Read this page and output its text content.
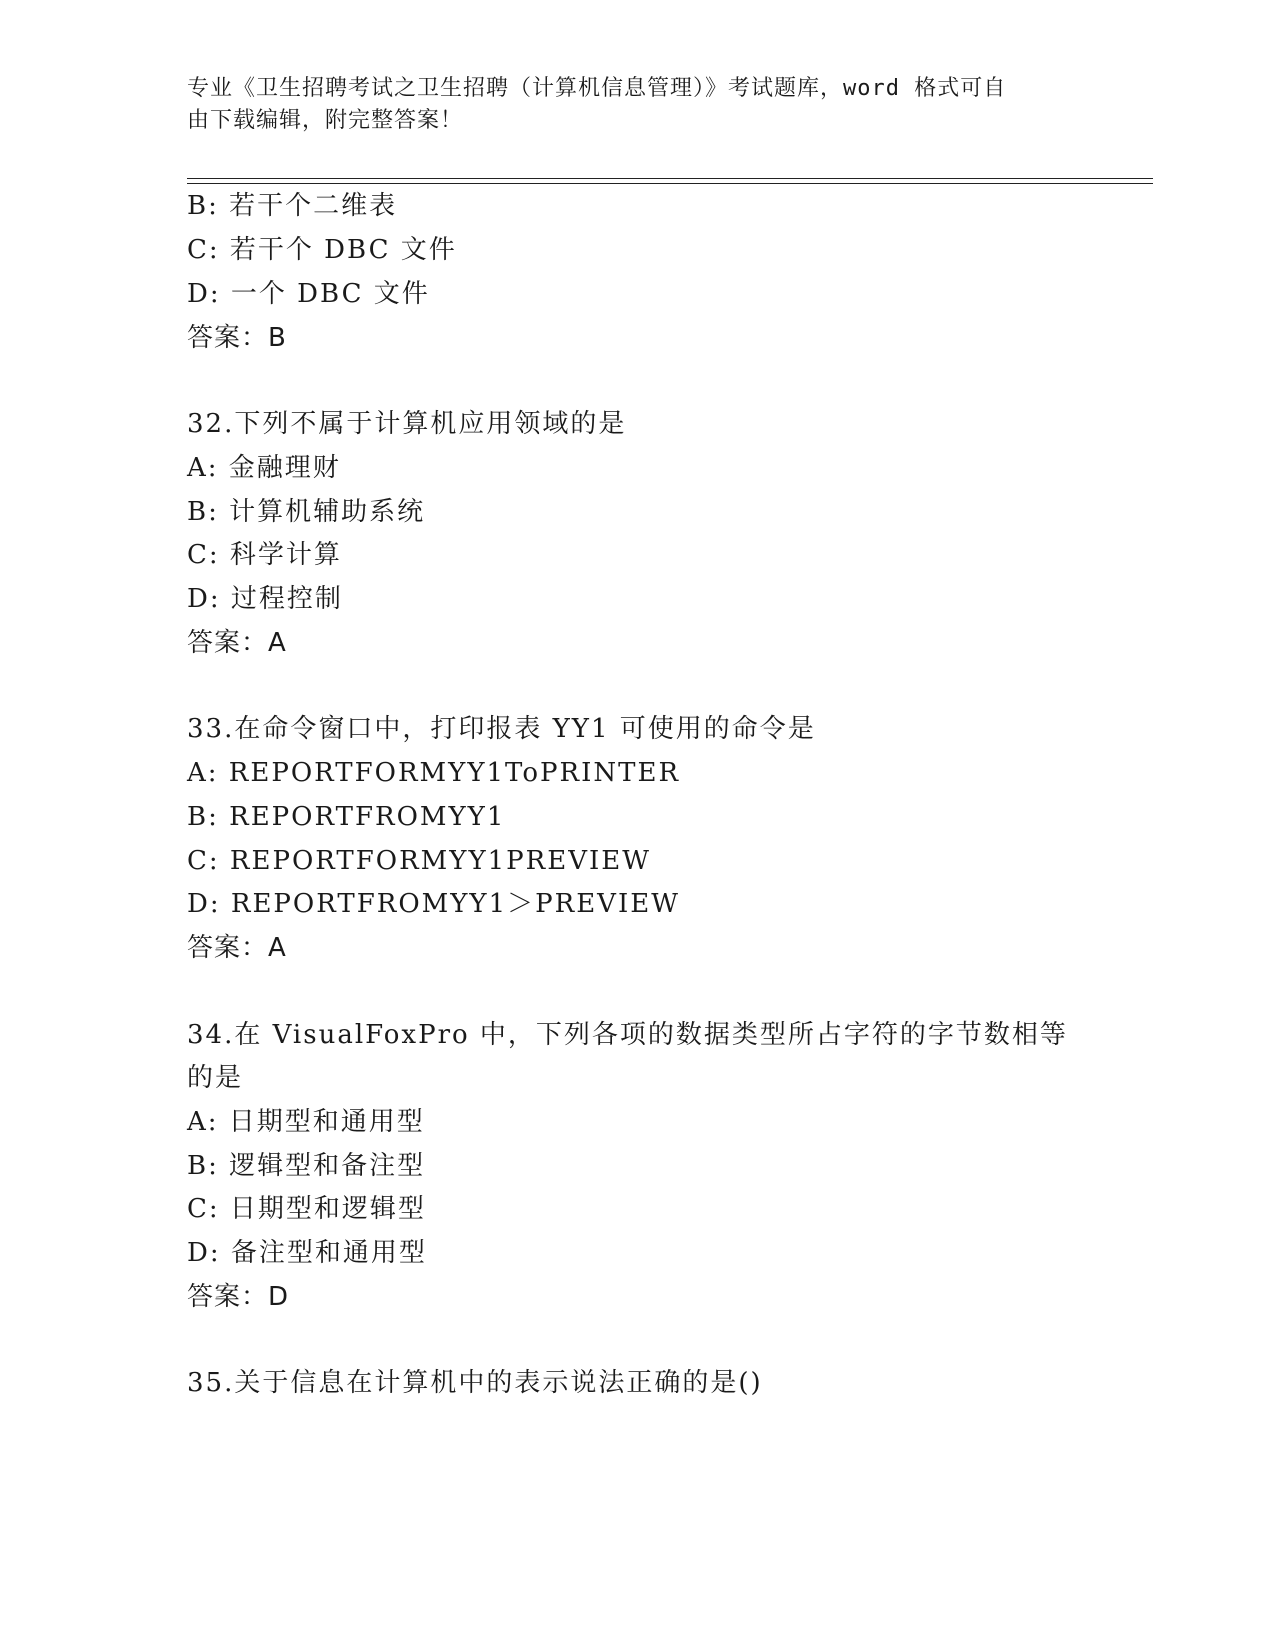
专业《卫生招聘考试之卫生招聘（计算机信息管理）》考试题库，word 格式可自
由下载编辑，附完整答案！
B: 若干个二维表
C: 若干个 DBC 文件
D: 一个 DBC 文件
答案：B
32.下列不属于计算机应用领域的是
A: 金融理财
B: 计算机辅助系统
C: 科学计算
D: 过程控制
答案：A
33.在命令窗口中，打印报表 YY1 可使用的命令是
A: REPORTFORMYY1ToPRINTER
B: REPORTFROMYY1
C: REPORTFORMYY1PREVIEW
D: REPORTFROMYY1＞PREVIEW
答案：A
34.在 VisualFoxPro 中，下列各项的数据类型所占字符的字节数相等
的是
A: 日期型和通用型
B: 逻辑型和备注型
C: 日期型和逻辑型
D: 备注型和通用型
答案：D
35.关于信息在计算机中的表示说法正确的是()
